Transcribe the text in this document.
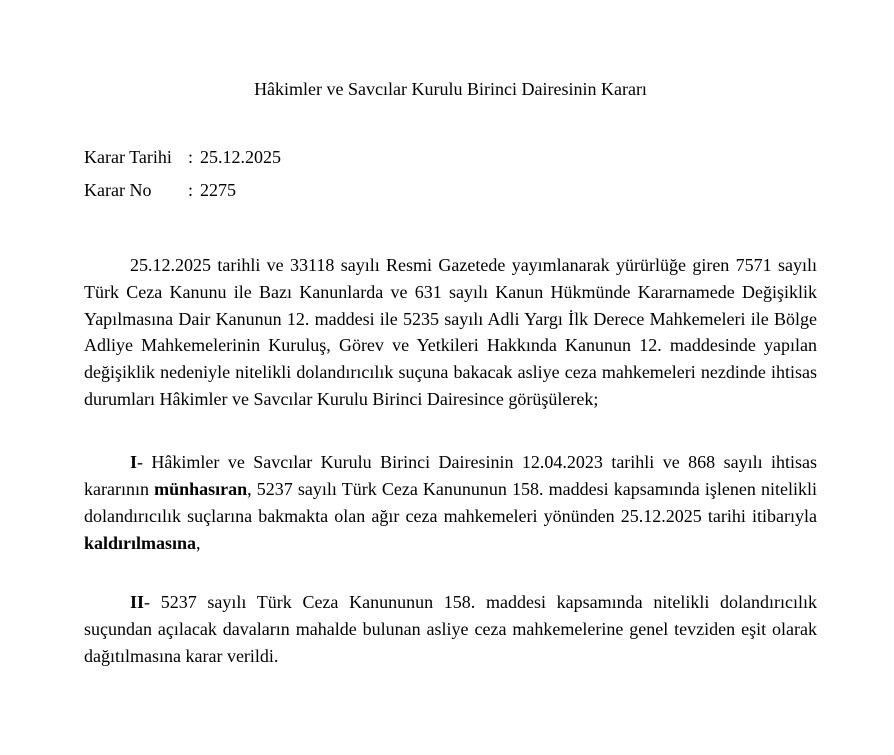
Hâkimler ve Savcılar Kurulu Birinci Dairesinin Kararı
Karar Tarihi : 25.12.2025
Karar No : 2275

25.12.2025 tarihli ve 33118 sayılı Resmi Gazetede yayımlanarak yürürlüğe giren 7571 sayılı Türk Ceza Kanunu ile Bazı Kanunlarda ve 631 sayılı Kanun Hükmünde Kararnamede Değişiklik Yapılmasına Dair Kanunun 12. maddesi ile 5235 sayılı Adli Yargı İlk Derece Mahkemeleri ile Bölge Adliye Mahkemelerinin Kuruluş, Görev ve Yetkileri Hakkında Kanunun 12. maddesinde yapılan değişiklik nedeniyle nitelikli dolandırıcılık suçuna bakacak asliye ceza mahkemeleri nezdinde ihtisas durumları Hâkimler ve Savcılar Kurulu Birinci Dairesince görüşülerek;

I- Hâkimler ve Savcılar Kurulu Birinci Dairesinin 12.04.2023 tarihli ve 868 sayılı ihtisas kararının münhasıran, 5237 sayılı Türk Ceza Kanununun 158. maddesi kapsamında işlenen nitelikli dolandırıcılık suçlarına bakmakta olan ağır ceza mahkemeleri yönünden 25.12.2025 tarihi itibarıyla kaldırılmasına,

II- 5237 sayılı Türk Ceza Kanununun 158. maddesi kapsamında nitelikli dolandırıcılık suçundan açılacak davaların mahalde bulunan asliye ceza mahkemelerine genel tevziden eşit olarak dağıtılmasına karar verildi.
